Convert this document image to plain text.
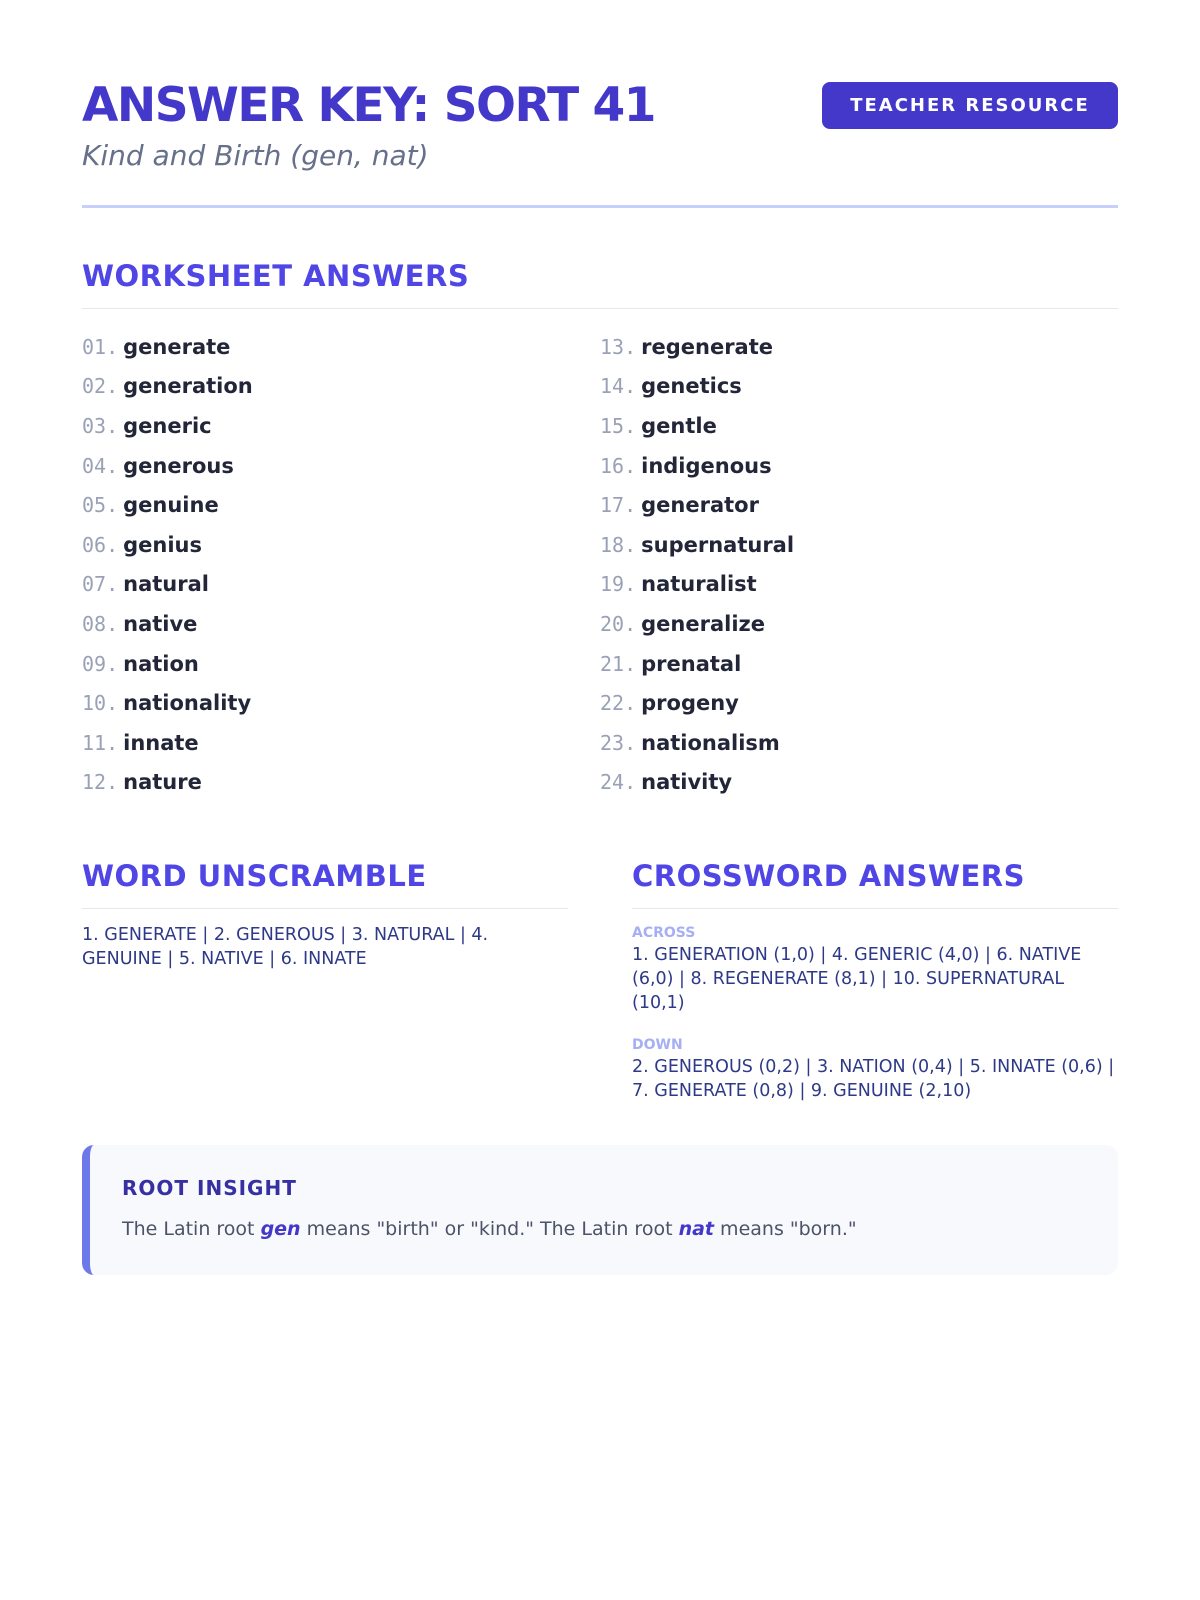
ANSWER KEY: SORT 41
Kind and Birth (gen, nat)
TEACHER RESOURCE
WORKSHEET ANSWERS
01. generate
02. generation
03. generic
04. generous
05. genuine
06. genius
07. natural
08. native
09. nation
10. nationality
11. innate
12. nature
13. regenerate
14. genetics
15. gentle
16. indigenous
17. generator
18. supernatural
19. naturalist
20. generalize
21. prenatal
22. progeny
23. nationalism
24. nativity
WORD UNSCRAMBLE
1. GENERATE | 2. GENEROUS | 3. NATURAL | 4. GENUINE | 5. NATIVE | 6. INNATE
CROSSWORD ANSWERS
ACROSS
1. GENERATION (1,0) | 4. GENERIC (4,0) | 6. NATIVE (6,0) | 8. REGENERATE (8,1) | 10. SUPERNATURAL (10,1)
DOWN
2. GENEROUS (0,2) | 3. NATION (0,4) | 5. INNATE (0,6) | 7. GENERATE (0,8) | 9. GENUINE (2,10)
ROOT INSIGHT

The Latin root gen means "birth" or "kind." The Latin root nat means "born."
